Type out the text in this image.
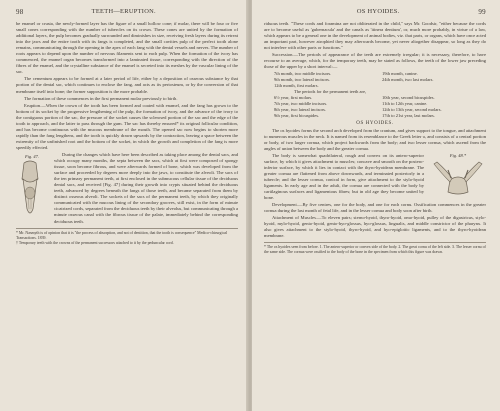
98	TEETH—ERUPTION.

be enamel or crusta, the newly-formed layer has the figure of a small hollow cone; if molar, there will be four or five small cones corresponding with the number of tubercles on its crown. These cones are united by the formation of additional layers, the pulp becomes gradually surrounded and diminishes in size, receiving fresh layers during its retreat into the jaws and the entire tooth with its fangs is completed, and the small cavities pulp of the perfect tooth alone remains, communicating through the opening in the apex of each fang with the dental vessels and nerves. The number of roots appears to depend upon the number of nervous filaments sent to each pulp. When the formation of the ivory has commenced, the enamel organ becomes transformed into a laminated tissue, corresponding with the direction of the fibres of the enamel, and the crystalline substance of the enamel is secreted into its meshes by the vascular lining of the sac.

The cementum appears to be formed at a later period of life, either by a deposition of osseous substance by that portion of the dental sac, which continues to enclose the fang, and acts as its periosteum, or by the conversion of that membrane itself into bone; the former supposition is the more probable.

The formation of these commences in the first permanent molar previously to birth.

Eruption.—When the crown of the tooth has been formed and coated with enamel, and the fang has grown to the bottom of its socket by the progressive lengthening of the pulp, the formation of ivory, and the advance of the ivory to the contiguous portion of the sac, the pressure of the socket causes the sclerosed portion of the sac and the edge of the tooth to approach, and the latter to pass through the gum. The sac has thereby ensured* its original follicular condition, and has become continuous with the mucous membrane of the mouth. The opened sac now begins to shorten more rapidly than the fang lengthens, and the tooth is quickly drawn upwards by the contraction, leaving a space between the extremity of the unfinished root and the bottom of the socket, in which the growth and completion of the fang is more speedily effected.

Fig. 47.	During the changes which have here been described as taking place among the dental sacs, and which occupy many months, the septa between the sacs, which at first were composed of spongy tissue, soon become fibrous, and were afterwards formed of bone, which was developed from the surface and proceeded by degrees more deeply into the jaws, to constitute the alveoli. The sacs of the ten primary permanent teeth, at first enclosed in the submucous cellular tissue of the deciduous dental sacs, and received [Fig. 47] during their growth into crypts situated behind the deciduous teeth, advanced by degrees beneath the fangs of those teeth, and became separated from them by distinct osseous alveoli. The sockets of the sacs of the permanent teeth, by which they originally communicated with the mucous lining of the secondary grooves, still exist, in the form of minute cicatrized cords, separated from the deciduous teeth by their alveolus, but communicating through a minute osseous canal with the fibrous tissue of the palate, immediately behind the corresponding deciduous teeth.

* Mr. Nasmyth is of opinion that it is "the process of absorption, and not of dentition, that the tooth is consequence" Medico-chirurgical Transactions. 1839.
† Temporary teeth with the crowns of the permanent successors attached to it by the peduncular cord.
OS HYOIDES.	99

riduous teeth. "These cords and foramina are not obliterated in the child," says Mr. Goodsir, "either because the cords are to become useful as 'gubernacula' and the canals as 'itinera dentium', or, much more probably, in virtue of a law, which appears to be a general one in the development of animal bodies, viz. that parts, or organs, which have once acted an important part, however atrophied they may afterwards become, yet never altogether disappear, so long as they do not interfere with other parts or functions."

Succession.—The periods of appearance of the teeth are extremely irregular; it is necessary, therefore, to have recourse to an average, which, for the temporary teeth, may be stated as follows, the teeth of the lower jaw preceding those of the upper by a short interval:—

7th month, two middle incisors.	19th month, canine.
9th month, two lateral incisors.	24th month, two last molars.
12th month, first molars.
The periods for the permanent teeth are,
6½ year, first molars.	10th year, second bicuspides.
7th year, two middle incisors.	11th to 12th year, canine.
8th year, two lateral incisors.	12th to 13th year, second molars.
9th year, first bicuspides.	17th to 21st year, last molars.
OS HYOIDES.

The os hyoides forms the second arch developed from the cranium, and gives support to the tongue, and attachment to numerous muscles in the neck. It is named from its resemblance to the Greek letter υ, and consists of a central portion or body, of two larger cornua, which project backwards from the body; and two lesser cornua, which ascend from the angles of union between the body and the greater cornua.

Fig. 48.*

The body is somewhat quadrilateral, rough and convex on its antero-superior surface, by which it gives attachment to muscles; concave and smooth on the postero-inferior surface, by which it lies in contact with the thyro-hyoidean membrane. The greater cornua are flattened from above downwards, and terminated posteriorly in a tubercle; and the lesser cornua, conical in form, give attachment to the stylo-hyoid ligaments. In early age and in the adult, the cornua are connected with the body by cartilaginous surfaces and ligamentous fibres; but in old age they become united by bone.

Development.—By five centres, one for the body, and one for each cornu. Ossification commences in the greater cornua during the last month of fetal life, and in the lesser cornua and body soon after birth.

Attachment of Muscles.—To eleven pairs; sterno-hyoid, thyro-hyoid, omo-hyoid, pulley of the digastricus, stylo-hyoid, mylo-hyoid, genio-hyoid, genio-hyo-glossus, hyo-glossus, lingualis, and middle constrictor of the pharynx. It also gives attachment to the stylo-hyoid, thyro-hyoid, and hyo-epiglottic ligaments, and to the thyro-hyoidean membrane.

* The os hyoides seen from before. 1. The antero-superior or convex side of the body. 2. The great cornu of the left side. 3. The lesser cornu of the same side. The cornua were ossified to the body of the bone in the specimen from which this figure was drawn.
